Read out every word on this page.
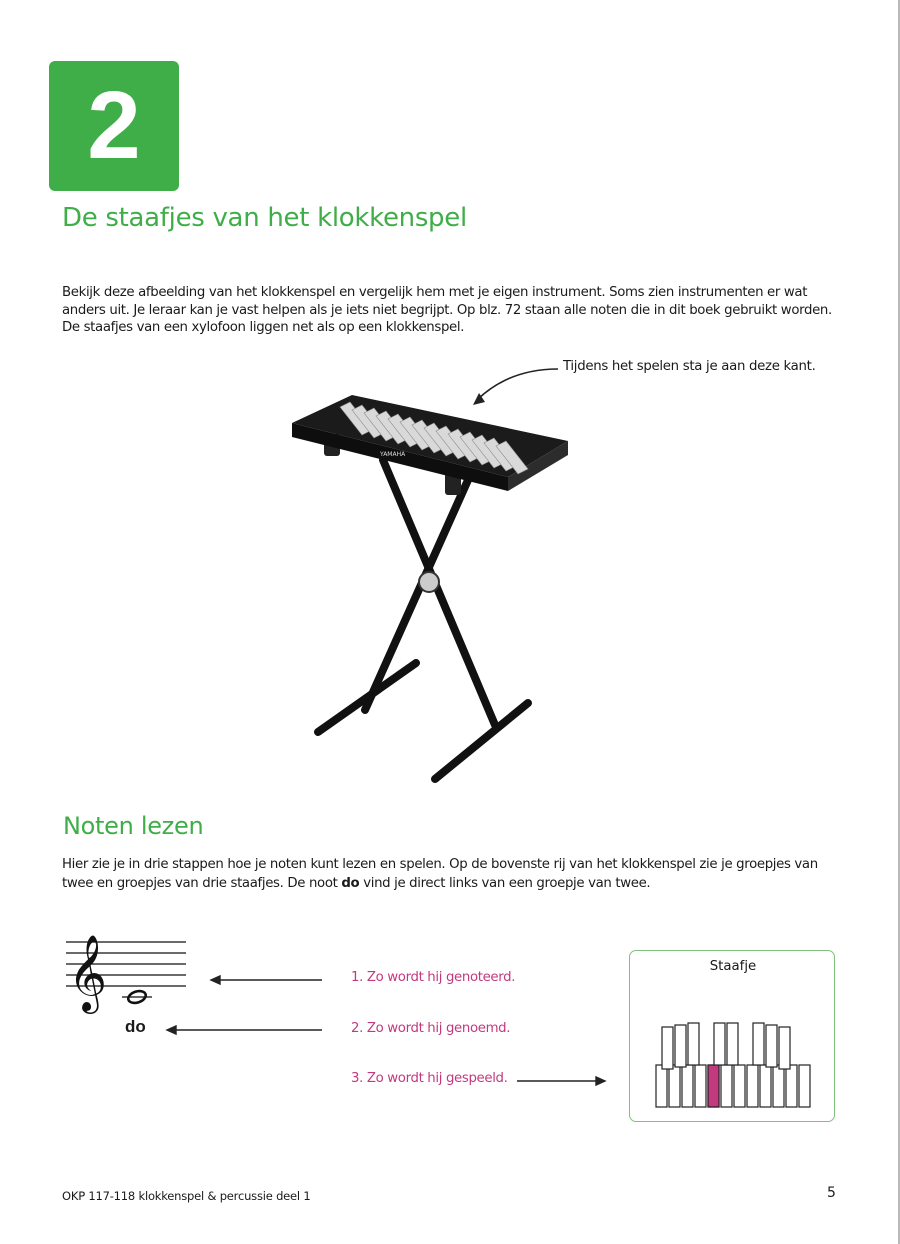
2
De staafjes van het klokkenspel

Bekijk deze afbeelding van het klokkenspel en vergelijk hem met je eigen instrument. Soms zien instrumenten er wat anders uit. Je leraar kan je vast helpen als je iets niet begrijpt. Op blz. 72 staan alle noten die in dit boek gebruikt worden. De staafjes van een xylofoon liggen net als op een klokkenspel.

Tijdens het spelen sta je aan deze kant.

YAMAHA
Noten lezen

Hier zie je in drie stappen hoe je noten kunt lezen en spelen. Op de bovenste rij van het klokkenspel zie je groepjes van twee en groepjes van drie staafjes. De noot do vind je direct links van een groepje van twee.

𝄞

do

1. Zo wordt hij genoteerd.

2. Zo wordt hij genoemd.

3. Zo wordt hij gespeeld.

Staafje

OKP 117-118 klokkenspel & percussie deel 1	5
